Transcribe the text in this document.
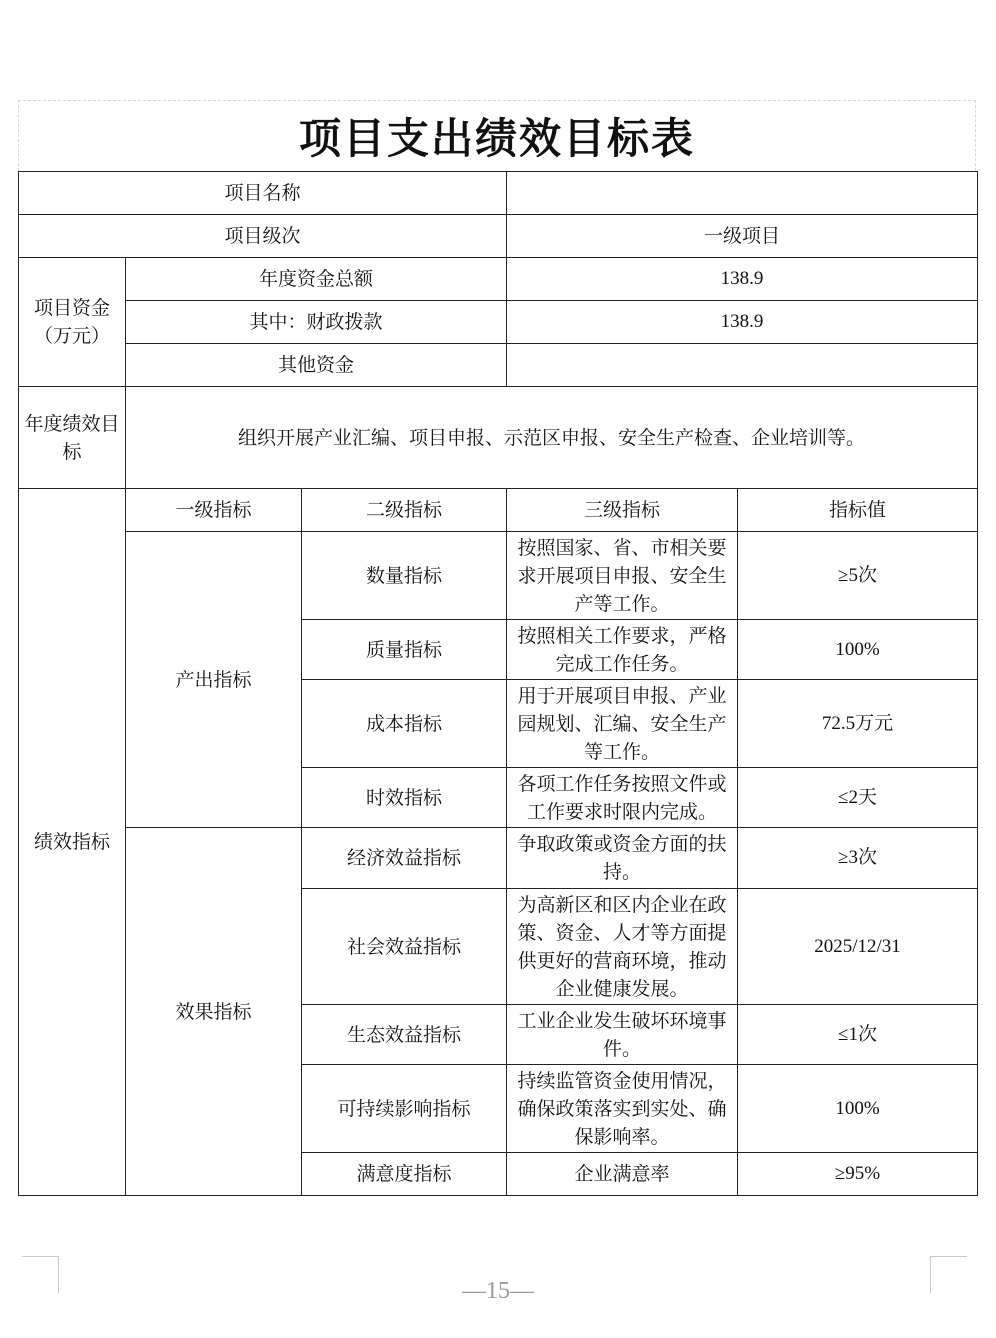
项目支出绩效目标表
项目名称				
项目级次			一级项目	
项目资金（万元）	年度资金总额		138.9	
	其中：财政拨款		138.9	
	其他资金			
年度绩效目标	组织开展产业汇编、项目申报、示范区申报、安全生产检查、企业培训等。			
绩效指标	一级指标	二级指标	三级指标	指标值
	产出指标	数量指标	按照国家、省、市相关要求开展项目申报、安全生产等工作。	≥5次
		质量指标	按照相关工作要求，严格完成工作任务。	100%
		成本指标	用于开展项目申报、产业园规划、汇编、安全生产等工作。	72.5万元
		时效指标	各项工作任务按照文件或工作要求时限内完成。	≤2天
	效果指标	经济效益指标	争取政策或资金方面的扶持。	≥3次
		社会效益指标	为高新区和区内企业在政策、资金、人才等方面提供更好的营商环境，推动企业健康发展。	2025/12/31
		生态效益指标	工业企业发生破坏环境事件。	≤1次
		可持续影响指标	持续监管资金使用情况，确保政策落实到实处、确保影响率。	100%
		满意度指标	企业满意率	≥95%
—15—
